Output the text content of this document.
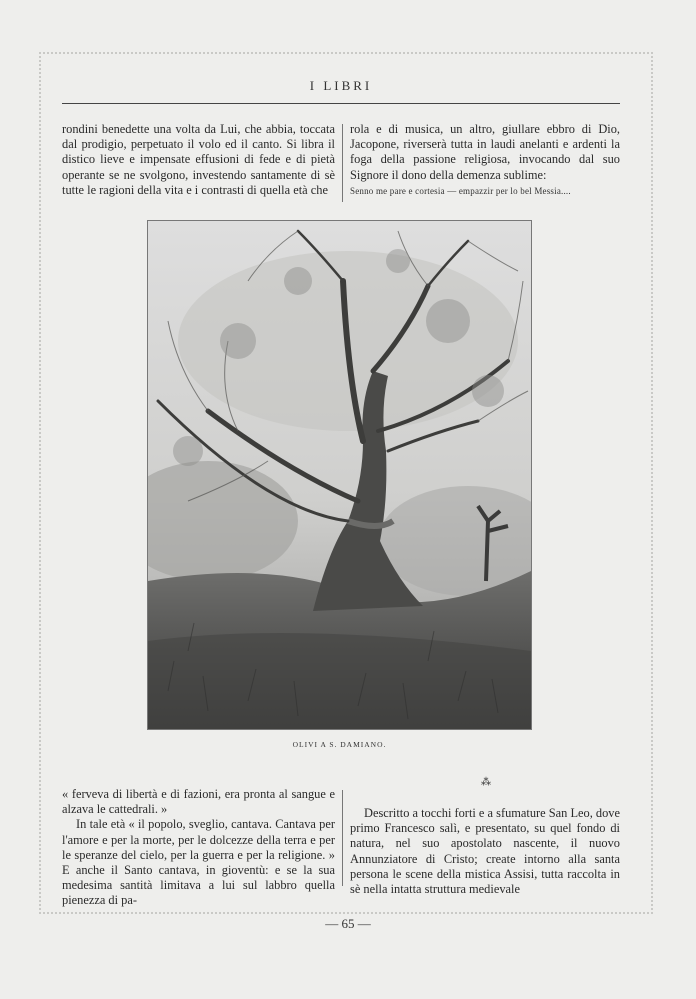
I LIBRI

rondini benedette una volta da Lui, che abbia, toccata dal prodigio, perpetuato il volo ed il canto. Si libra il distico lieve e impensate effusioni di fede e di pietà operante se ne svolgono, investendo santamente di sè tutte le ragioni della vita e i contrasti di quella età che

rola e di musica, un altro, giullare ebbro di Dio, Jacopone, riverserà tutta in laudi anelanti e ardenti la foga della passione religiosa, invocando dal suo Signore il dono della demenza sublime:

Senno me pare e cortesia — empazzir per lo bel Messia....
OLIVI A S. DAMIANO.

« ferveva di libertà e di fazioni, era pronta al sangue e alzava le cattedrali. »

In tale età « il popolo, sveglio, cantava. Cantava per l'amore e per la morte, per le dolcezze della terra e per le speranze del cielo, per la guerra e per la religione. » E anche il Santo cantava, in gioventù: e se la sua medesima santità limitava a lui sul labbro quella pienezza di pa-

⁂

Descritto a tocchi forti e a sfumature San Leo, dove primo Francesco salì, e presentato, su quel fondo di natura, nel suo apostolato nascente, il nuovo Annunziatore di Cristo; create intorno alla santa persona le scene della mistica Assisi, tutta raccolta in sè nella intatta struttura medievale

— 65 —
